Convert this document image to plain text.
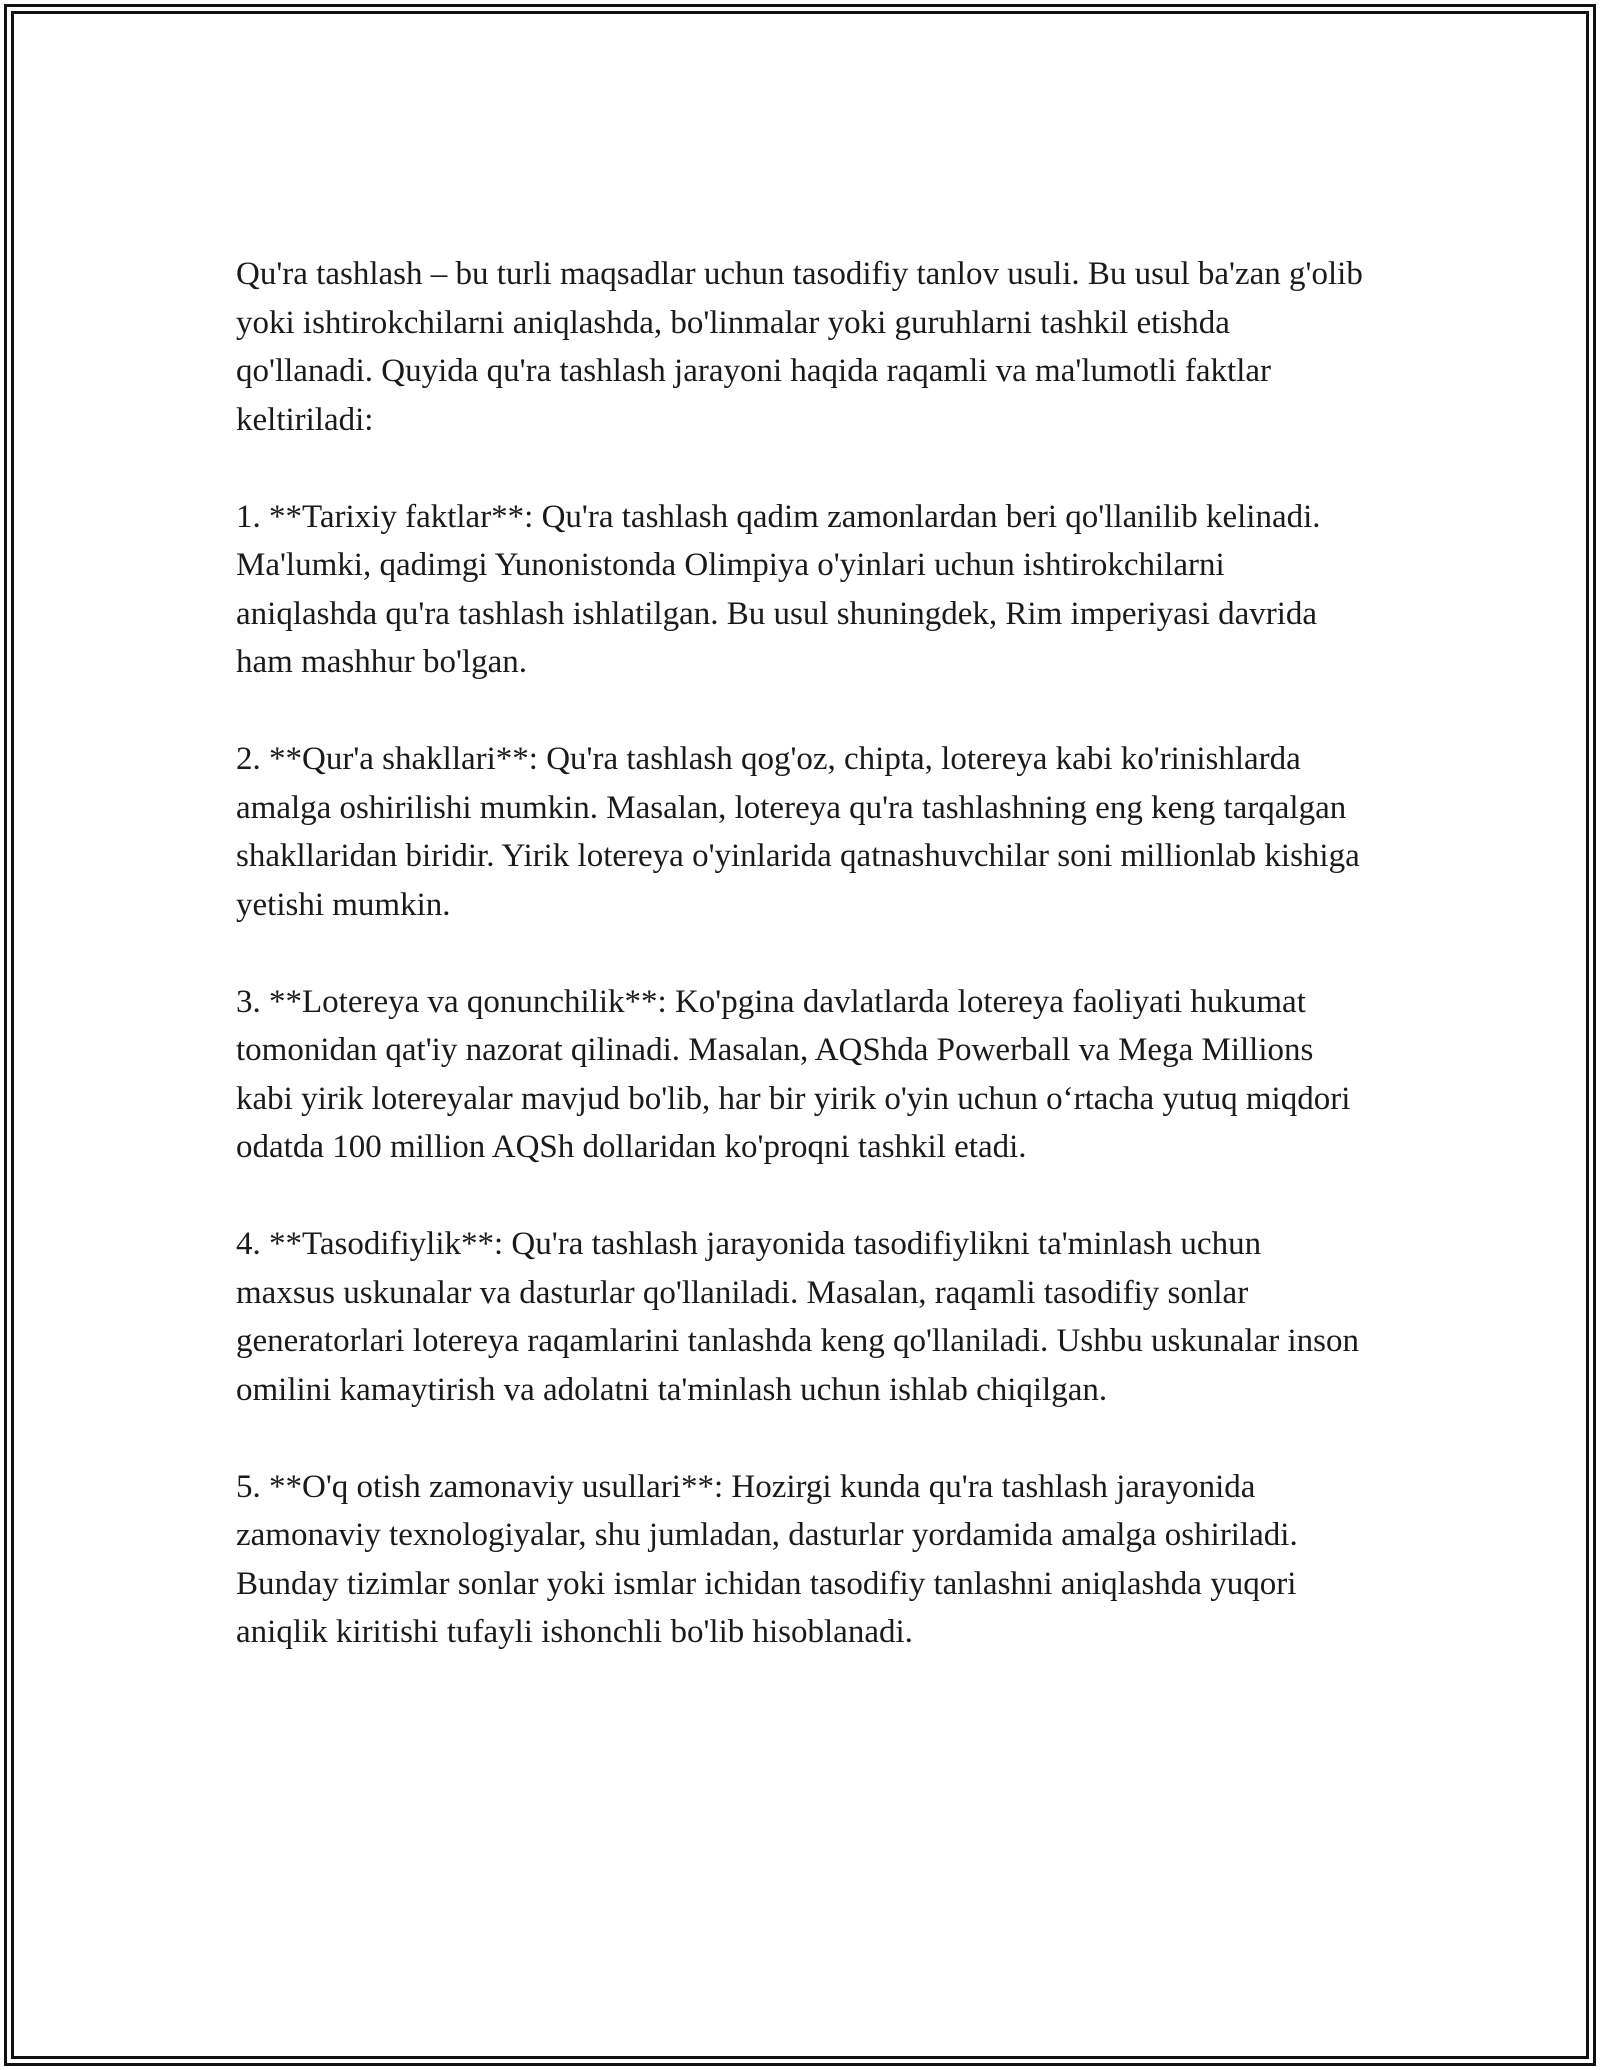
Qu'ra tashlash – bu turli maqsadlar uchun tasodifiy tanlov usuli. Bu usul ba'zan g'olib yoki ishtirokchilarni aniqlashda, bo'linmalar yoki guruhlarni tashkil etishda qo'llanadi. Quyida qu'ra tashlash jarayoni haqida raqamli va ma'lumotli faktlar keltiriladi:

1. **Tarixiy faktlar**: Qu'ra tashlash qadim zamonlardan beri qo'llanilib kelinadi. Ma'lumki, qadimgi Yunonistonda Olimpiya o'yinlari uchun ishtirokchilarni aniqlashda qu'ra tashlash ishlatilgan. Bu usul shuningdek, Rim imperiyasi davrida ham mashhur bo'lgan.

2. **Qur'a shakllari**: Qu'ra tashlash qog'oz, chipta, lotereya kabi ko'rinishlarda amalga oshirilishi mumkin. Masalan, lotereya qu'ra tashlashning eng keng tarqalgan shakllaridan biridir. Yirik lotereya o'yinlarida qatnashuvchilar soni millionlab kishiga yetishi mumkin.

3. **Lotereya va qonunchilik**: Ko'pgina davlatlarda lotereya faoliyati hukumat tomonidan qat'iy nazorat qilinadi. Masalan, AQShda Powerball va Mega Millions kabi yirik lotereyalar mavjud bo'lib, har bir yirik o'yin uchun o‘rtacha yutuq miqdori odatda 100 million AQSh dollaridan ko'proqni tashkil etadi.

4. **Tasodifiylik**: Qu'ra tashlash jarayonida tasodifiylikni ta'minlash uchun maxsus uskunalar va dasturlar qo'llaniladi. Masalan, raqamli tasodifiy sonlar generatorlari lotereya raqamlarini tanlashda keng qo'llaniladi. Ushbu uskunalar inson omilini kamaytirish va adolatni ta'minlash uchun ishlab chiqilgan.

5. **O'q otish zamonaviy usullari**: Hozirgi kunda qu'ra tashlash jarayonida zamonaviy texnologiyalar, shu jumladan, dasturlar yordamida amalga oshiriladi. Bunday tizimlar sonlar yoki ismlar ichidan tasodifiy tanlashni aniqlashda yuqori aniqlik kiritishi tufayli ishonchli bo'lib hisoblanadi.
